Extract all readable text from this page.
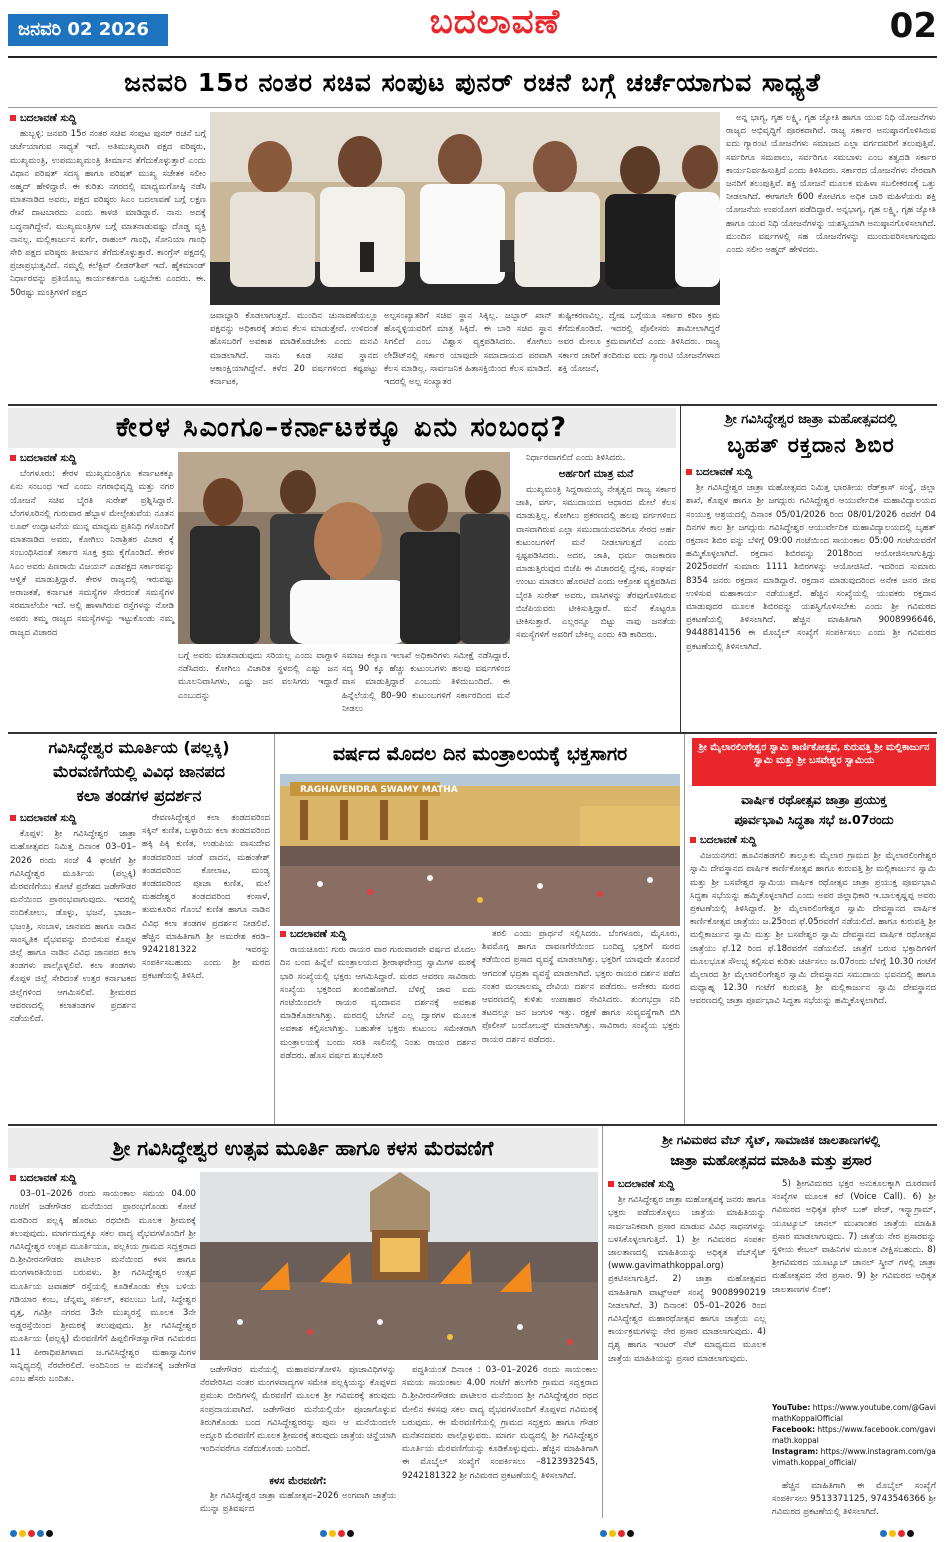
ಜನವರಿ 02 2026	ಬದಲಾವಣೆ	02
ಜನವರಿ 15ರ ನಂತರ ಸಚಿವ ಸಂಪುಟ ಪುನರ್ ರಚನೆ ಬಗ್ಗೆ ಚರ್ಚೆಯಾಗುವ ಸಾಧ್ಯತೆ
ಬದಲಾವಣೆ ಸುದ್ದಿ

ಹುಬ್ಬಳ್ಳಿ: ಜನವರಿ 15ರ ನಂತರ ಸಚಿವ ಸಂಪುಟ ಪುನರ್ ರಚನೆ ಬಗ್ಗೆ ಚರ್ಚೆಯಾಗುವ ಸಾಧ್ಯತೆ ಇದೆ. ಅತಿಮುಖ್ಯವಾಗಿ ಪಕ್ಷದ ವರಿಷ್ಠರು, ಮುಖ್ಯಮಂತ್ರಿ, ಉಪಮುಖ್ಯಮಂತ್ರಿ ತೀರ್ಮಾನ ತೆಗೆದುಕೊಳ್ಳುತ್ತಾರೆ ಎಂದು ವಿಧಾನ ಪರಿಷತ್ ಸದಸ್ಯ ಹಾಗೂ ಪರಿಷತ್ ಮುಖ್ಯ ಸಚೇತಕ ಸಲೀಂ ಅಹ್ಮದ್ ಹೇಳಿದ್ದಾರೆ. ಈ ಕುರಿತು ನಗರದಲ್ಲಿ ಮಾಧ್ಯಮಗೋಷ್ಠಿ ನಡೆಸಿ ಮಾತನಾಡಿದ ಅವರು, ಪಕ್ಷದ ವರಿಷ್ಠರು ಸಿಎಂ ಬದಲಾವಣೆ ಬಗ್ಗೆ ಲಕ್ಷಣ ರೇಖೆ ದಾಟಬಾರದು ಎಂದು ಕಾಳಜಿ ಮಾಡಿದ್ದಾರೆ. ನಾನು ಅದಕ್ಕೆ ಬದ್ಧನಾಗಿದ್ದೇನೆ. ಮುಖ್ಯಮಂತ್ರಿಗಳ ಬಗ್ಗೆ ಮಾತನಾಡುವಷ್ಟು ದೊಡ್ಡ ವ್ಯಕ್ತಿ ನಾನಲ್ಲ. ಮಲ್ಲಿಕಾರ್ಜುನ ಖರ್ಗೆ, ರಾಹುಲ್ ಗಾಂಧಿ, ಸೋನಿಯಾ ಗಾಂಧಿ ಸೇರಿ ಪಕ್ಷದ ವರಿಷ್ಠರು ತೀರ್ಮಾನ ತೆಗೆದುಕೊಳ್ಳುತ್ತಾರೆ. ಕಾಂಗ್ರೆಸ್ ಪಕ್ಷದಲ್ಲಿ ಪ್ರಜಾಪ್ರಭುತ್ವವಿದೆ. ನಮ್ಮಲ್ಲಿ ಕಲೆಕ್ಟಿವ್ ಲೀಡರ್‌ಶಿಪ್ ಇದೆ. ಹೈಕಮಾಂಡ್ ನಿರ್ಧಾರವನ್ನು ಪ್ರತಿಯೊಬ್ಬ ಕಾರ್ಯಕರ್ತರೂ ಒಪ್ಪಬೇಕು ಎಂದರು. ಈ. 50ರಷ್ಟು ಮಂತ್ರಿಗಳಿಗೆ ಪಕ್ಷದ

ಅನ್ನ ಭಾಗ್ಯ, ಗೃಹ ಲಕ್ಷ್ಮಿ, ಗೃಹ ಜ್ಯೋತಿ ಹಾಗೂ ಯುವ ನಿಧಿ ಯೋಜನೆಗಳು ರಾಜ್ಯದ ಅಭಿವೃದ್ಧಿಗೆ ಪೂರಕವಾಗಿವೆ. ರಾಜ್ಯ ಸರ್ಕಾರ ಅನುಷ್ಠಾನಗೊಳಿಸಿರುವ ಐದು ಗ್ಯಾರಂಟಿ ಯೋಜನೆಗಳು ಸಮಾಜದ ಎಲ್ಲಾ ವರ್ಗದವರಿಗೆ ತಲುಪುತ್ತಿವೆ. ಸರ್ವರಿಗೂ ಸಮಪಾಲು, ಸರ್ವರಿಗೂ ಸಮಬಾಳು ಎಂಬ ತತ್ವದಡಿ ಸರ್ಕಾರ ಕಾರ್ಯನಿರ್ವಹಿಸುತ್ತಿದೆ ಎಂದು ತಿಳಿಸಿದರು. ಸರ್ಕಾರದ ಯೋಜನೆಗಳು ನೇರವಾಗಿ ಜನರಿಗೆ ತಲುಪುತ್ತಿವೆ. ಶಕ್ತಿ ಯೋಜನೆ ಮೂಲಕ ಮಹಿಳಾ ಸಬಲೀಕರಣಕ್ಕೆ ಒತ್ತು ನೀಡಲಾಗಿದೆ. ಈಗಾಗಲೇ 600 ಕೋಟಿಗೂ ಅಧಿಕ ಬಾರಿ ಮಹಿಳೆಯರು ಶಕ್ತಿ ಯೋಜನೆಯ ಉಪಯೋಗ ಪಡೆದಿದ್ದಾರೆ. ಅನ್ನಭಾಗ್ಯ, ಗೃಹ ಲಕ್ಷ್ಮಿ, ಗೃಹ ಜ್ಯೋತಿ ಹಾಗೂ ಯುವ ನಿಧಿ ಯೋಜನೆಗಳನ್ನು ಯಶಸ್ವಿಯಾಗಿ ಅನುಷ್ಠಾನಗೊಳಿಸಲಾಗಿದೆ. ಮುಂದಿನ ವರ್ಷಗಳಲ್ಲಿ ಸಹ ಯೋಜನೆಗಳನ್ನು ಮುಂದುವರಿಸಲಾಗುವುದು ಎಂದು ಸಲೀಂ ಅಹ್ಮದ್ ಹೇಳಿದರು.

ಜವಾಬ್ದಾರಿ ಕೊಡಲಾಗುತ್ತದೆ. ಮುಂದಿನ ಚುನಾವಣೆಯಲ್ಲೂ ಪಕ್ಷವನ್ನು ಅಧಿಕಾರಕ್ಕೆ ತರುವ ಕೆಲಸ ಮಾಡುತ್ತೇವೆ. ಉಳಿದಂತೆ ಹೊಸಬರಿಗೆ ಅವಕಾಶ ಮಾಡಿಕೊಡಬೇಕು ಎಂದು ಮನವಿ ಮಾಡಲಾಗಿದೆ. ನಾನು ಕೂಡ ಸಚಿವ ಸ್ಥಾನದ ಆಕಾಂಕ್ಷಿಯಾಗಿದ್ದೇನೆ. ಕಳೆದ 20 ವರ್ಷಗಳಿಂದ ಕಷ್ಟಪಟ್ಟು ಕರ್ನಾಟಕ,
ಅಲ್ಪಸಂಖ್ಯಾತರಿಗೆ ಸಚಿವ ಸ್ಥಾನ ಸಿಕ್ಕಿಲ್ಲ. ಜಬ್ಬಾರ್ ಖಾನ್ ಹೊನ್ನಳ್ಳಿಯವರಿಗೆ ಮಾತ್ರ ಸಿಕ್ಕಿದೆ. ಈ ಬಾರಿ ಸಚಿವ ಸ್ಥಾನ ಸಿಗಲಿದೆ ಎಂಬ ವಿಶ್ವಾಸ ವ್ಯಕ್ತಪಡಿಸಿದರು. ಕೋಗಿಲು ಲೇಔಟ್‌ನಲ್ಲಿ ಸರ್ಕಾರ ಯಾವುದೇ ಸಮಾದಾಯದ ಪರವಾಗಿ ಕೆಲಸ ಮಾಡಿಲ್ಲ. ಸಾರ್ವಜನಿಕ ಹಿತಾಸಕ್ತಿಯಿಂದ ಕೆಲಸ ಮಾಡಿದೆ. ಇದರಲ್ಲಿ ಅಲ್ಪ ಸಂಖ್ಯಾತರ
ತುಷ್ಟೀಕರಣವಿಲ್ಲ. ದ್ವೇಷ ಬಗ್ಗೆಯೂ ಸರ್ಕಾರ ಕಠಿಣ ಕ್ರಮ ಕೆಗೆದುಕೊಂಡಿದೆ. ಇದರಲ್ಲಿ ಪೊಲೀಸರು ಶಾಮೀಲಾಗಿದ್ದರೆ ಅವರ ಮೇಲೂ ಕ್ರಮವಾಗಲಿದೆ ಎಂದು ತಿಳಿಸಿದರು. ರಾಜ್ಯ ಸರ್ಕಾರ ಜಾರಿಗೆ ತಂದಿರುವ ಐದು ಗ್ಯಾರಂಟಿ ಯೋಜನೆಗಳಾದ ಶಕ್ತಿ ಯೋಜನೆ,
ಕೇರಳ ಸಿಎಂಗೂ–ಕರ್ನಾಟಕಕ್ಕೂ ಏನು ಸಂಬಂಧ?
ಬದಲಾವಣೆ ಸುದ್ದಿ

ಬೆಂಗಳೂರು: ಕೇರಳ ಮುಖ್ಯಮಂತ್ರಿಗೂ ಕರ್ನಾಟಕಕ್ಕೂ ಏನು ಸಂಬಂಧ ಇದೆ ಎಂದು ನಗರಾಭಿವೃದ್ಧಿ ಮತ್ತು ನಗರ ಯೋಜನೆ ಸಚಿವ ಬೈರತಿ ಸುರೇಶ್ ಪ್ರಶ್ನಿಸಿದ್ದಾರೆ. ಬೆಂಗಳೂರಿನಲ್ಲಿ ಗುರುವಾರ ಹೆಬ್ಬಾಳ ಮೇಲ್ಸೇತುವೆಯ ನೂತನ ಲೂಪ್ ಉದ್ಘಾಟನೆಯ ಮುನ್ನ ಮಾಧ್ಯಮ ಪ್ರತಿನಿಧಿ ಗಳೊಂದಿಗೆ ಮಾತನಾಡಿದ ಅವರು, ಕೋಗಿಲು ನಿರಾಶ್ರಿತರ ವಿಚಾರ ಕ್ಕೆ ಸಂಬಂಧಿಸಿದಂತೆ ಸರ್ಕಾರ ಸೂಕ್ತ ಕ್ರಮ ಕೈಗೊಂಡಿದೆ. ಕೇರಳ ಸಿಎಂ ಅವರು ಪಿಣರಾಯಿ ವಿಜಯನ್ ಎಡಪಕ್ಷದ ಸರ್ಕಾರವನ್ನು ಆಳ್ವಿಕೆ ಮಾಡುತ್ತಿದ್ದಾರೆ. ಕೇರಳ ರಾಜ್ಯದಲ್ಲಿ ಇರುವಷ್ಟು ಅರಾಜಕತೆ, ಕರ್ನಾಟಕ ಸಮಸ್ಯೆಗಳ ಸೇರದಂತೆ ಸಮಸ್ಯೆಗಳ ಸರಮಾಲೆಯೇ ಇದೆ. ಅಲ್ಲಿ ಹಾಳಾಗಿರುವ ರಸ್ತೆಗಳನ್ನು ನೋಡಿ ಅವರು ತಮ್ಮ ರಾಜ್ಯದ ಸಮಸ್ಯೆಗಳನ್ನು ಇಟ್ಟುಕೊಂಡು ನಮ್ಮ ರಾಜ್ಯದ ವಿಚಾರದ

ನಿರ್ಧಾರವಾಗಲಿದೆ ಎಂದು ತಿಳಿಸಿದರು.

ಅರ್ಹರಿಗೆ ಮಾತ್ರ ಮನೆ

ಮುಖ್ಯಮಂತ್ರಿ ಸಿದ್ದರಾಮಯ್ಯ ನೇತೃತ್ವದ ರಾಜ್ಯ ಸರ್ಕಾರ ಜಾತಿ, ವರ್ಗ, ಸಮುದಾಯದ ಆಧಾರದ ಮೇಲೆ ಕೆಲಸ ಮಾಡುತ್ತಿಲ್ಲ. ಕೋಗಿಲು ಪ್ರಕರಣದಲ್ಲಿ ಹಲವು ವರ್ಗಗಳಿಂದ ವಾಸವಾಗಿರುವ ಎಲ್ಲಾ ಸಮುದಾಯದವರಿಗೂ ಸೇರದ ಅರ್ಹ ಕುಟುಂಬಗಳಿಗೆ ಮನೆ ನೀಡಲಾಗುತ್ತದೆ ಎಂದು ಸ್ಪಷ್ಟಪಡಿಸಿದರು. ಅದರ, ಜಾತಿ, ಧರ್ಮ ರಾಜಕಾರಣ ಮಾಡುತ್ತಿರುವುದ ಬಿಜೆಪಿ ಈ ವಿಚಾರದಲ್ಲಿ ದ್ವೇಷ, ಸಂಘರ್ಷ ಉಂಟು ಮಾಡಲು ಹೊರಟಿದೆ ಎಂದು ಆಕ್ರೋಶ ವ್ಯಕ್ತಪಡಿಸಿದ ಬೈರತಿ ಸುರೇಶ್ ಅವರು, ವಾಸಿಗಳನ್ನು ತೆರವುಗೊಳಿಸಿರುವ ಬಿಜೆಪಿಯವರು ಟೀಕಿಸುತ್ತಿದ್ದಾರೆ. ಮನೆ ಕೊಟ್ಟರೂ ಟೀಕಿಸುತ್ತಾರೆ. ಎಲ್ಲರನ್ನೂ ಬಿಟ್ಟು ನಾವು ಜನತೆಯ ಸಮಸ್ಯೆಗಳಿಗೆ ಅವರಿಗೆ ಬೇಕಿಲ್ಲ ಎಂದು ಕಿಡಿ ಕಾರಿದರು.

ಬಗ್ಗೆ ಅವರು ಮಾತನಾಡುವುದು ಸರಿಯಲ್ಲ ಎಂದು ವಾಗ್ದಾಳಿ ನಡೆಸಿದರು. ಕೋಗಿಲು ವಿಚಾರಿತ ಸ್ಥಳದಲ್ಲಿ ಎಷ್ಟು ಜನ ಮೂಲನಿವಾಸಿಗಳು, ಎಷ್ಟು ಜನ ವಲಸಿಗರು ಇದ್ದಾರೆ ಎಂಬುದನ್ನು
ಸಮಾಜ ಕಲ್ಯಾಣ ಇಲಾಖೆ ಅಧಿಕಾರಿಗಳು ಸಮೀಕ್ಷೆ ನಡೆಸಿದ್ದಾರೆ. ಸದ್ಯ 90 ಕ್ಕೂ ಹೆಚ್ಚು ಕುಟುಂಬಗಳು ಹಲವು ವರ್ಷಗಳಿಂದ ವಾಸ ಮಾಡುತ್ತಿದ್ದಾರೆ ಎಂಬುದು ತಿಳಿದುಬಂದಿದೆ. ಈ ಹಿನ್ನೆಲೆಯಲ್ಲಿ 80–90 ಕುಟುಂಬಗಳಿಗೆ ಸರ್ಕಾರದಿಂದ ಮನೆ ನೀಡಲು
ಶ್ರೀ ಗವಿಸಿದ್ಧೇಶ್ವರ ಜಾತ್ರಾ ಮಹೋತ್ಸವದಲ್ಲಿ
ಬೃಹತ್ ರಕ್ತದಾನ ಶಿಬಿರ
ಬದಲಾವಣೆ ಸುದ್ದಿ

ಶ್ರೀ ಗವಿಸಿದ್ಧೇಶ್ವರ ಜಾತ್ರಾ ಮಹೋತ್ಸವದ ನಿಮಿತ್ತ ಭಾರತೀಯ ರೆಡ್‌ಕ್ರಾಸ್ ಸಂಸ್ಥೆ, ಜಿಲ್ಲಾ ಶಾಖೆ, ಕೊಪ್ಪಳ ಹಾಗೂ ಶ್ರೀ ಜಗದ್ಗುರು ಗವಿಸಿದ್ಧೇಶ್ವರ ಆಯುರ್ವೇದಿಕ ಮಹಾವಿದ್ಯಾಲಯದ ಸಂಯುಕ್ತ ಆಶ್ರಯದಲ್ಲಿ ದಿನಾಂಕ 05/01/2026 ರಿಂದ 08/01/2026 ರವರೆಗೆ 04 ದಿನಗಳ ಕಾಲ ಶ್ರೀ ಜಗದ್ಗುರು ಗವಿಸಿದ್ಧೇಶ್ವರ ಆಯುರ್ವೇದಿಕ ಮಹಾವಿದ್ಯಾಲಯದಲ್ಲಿ ಬೃಹತ್ ರಕ್ತದಾನ ಶಿಬಿರ ವನ್ನು ಬೆಳಿಗ್ಗೆ 09:00 ಗಂಟೆಯಿಂದ ಸಾಯಂಕಾಲ 05:00 ಗಂಟೆಯವರೆಗೆ ಹಮ್ಮಿಕೊಳ್ಳಲಾಗಿದೆ. ರಕ್ತದಾನ ಶಿಬಿರವನ್ನು 2018ರಿಂದ ಆಯೋಜಿಸಲಾಗುತ್ತಿದ್ದು 2025ರವರೆಗೆ ಸುಮಾರು 1111 ಶಿಬಿರಗಳನ್ನು ಆಯೋಜಿಸಿದೆ. ಇದರಿಂದ ಸುಮಾರು 8354 ಜನರು ರಕ್ತದಾನ ಮಾಡಿದ್ದಾರೆ. ರಕ್ತದಾನ ಮಾಡುವುದರಿಂದ ಅನೇಕ ಜನರ ಜೀವ ಉಳಿಸುವ ಮಹಾಕಾರ್ಯ ನಡೆಯುತ್ತದೆ. ಹೆಚ್ಚಿನ ಸಂಖ್ಯೆಯಲ್ಲಿ ಯುವಕರು ರಕ್ತದಾನ ಮಾಡುವುದರ ಮೂಲಕ ಶಿಬಿರವನ್ನು ಯಶಸ್ವಿಗೊಳಿಸಬೇಕು ಎಂದು ಶ್ರೀ ಗವಿಮಠದ ಪ್ರಕಟಣೆಯಲ್ಲಿ ತಿಳಿಸಲಾಗಿದೆ. ಹೆಚ್ಚಿನ ಮಾಹಿತಿಗಾಗಿ 9008996646, 9448814156 ಈ ಮೊಬೈಲ್ ಸಂಖ್ಯೆಗೆ ಸಂಪರ್ಕಿಸಲು ಎಂದು ಶ್ರೀ ಗವಿಮಠದ ಪ್ರಕಟಣೆಯಲ್ಲಿ ತಿಳಿಸಲಾಗಿದೆ.

ಗವಿಸಿದ್ಧೇಶ್ವರ ಮೂರ್ತಿಯ (ಪಲ್ಲಕ್ಕಿ)
ಮೆರವಣಿಗೆಯಲ್ಲಿ ವಿವಿಧ ಜಾನಪದ
ಕಲಾ ತಂಡಗಳ ಪ್ರದರ್ಶನ
ಬದಲಾವಣೆ ಸುದ್ದಿ

ಕೊಪ್ಪಳ: ಶ್ರೀ ಗವಿಸಿದ್ಧೇಶ್ವರ ಜಾತ್ರಾ ಮಹೋತ್ಸವದ ನಿಮಿತ್ತ ದಿನಾಂಕ 03–01–2026 ರಂದು ಸಂಜೆ 4 ಘಂಟೆಗೆ ಶ್ರೀ ಗವಿಸಿದ್ಧೇಶ್ವರ ಮೂರ್ತಿಯ (ಪಲ್ಲಕ್ಕಿ) ಮೆರವಣಿಗೆಯು ಕೋಟೆ ಪ್ರದೇಶದ ಜಡೇಗೌಡರ ಮನೆಯಿಂದ ಪ್ರಾರಂಭವಾಗುವುದು. ಇದರಲ್ಲಿ ನಂದಿಕೋಲು, ಡೊಳ್ಳು, ಭಜನೆ, ಭಾಜಾ–ಭಜಂತ್ರಿ, ಸಂಬಾಳ, ಜಾನಪದ ಹಾಗೂ ನಾಡಿನ ಸಾಂಸ್ಕೃತಿಕ ವೈಭವವನ್ನು ಬಿಂಬಿಸುವ ಕೊಪ್ಪಳ ಜಿಲ್ಲೆ ಹಾಗೂ ನಾಡಿನ ವಿವಿಧ ಜಾನಪದ ಕಲಾ ತಂಡಗಳು ಪಾಲ್ಗೊಳ್ಳಲಿವೆ. ಕಲಾ ತಂಡಗಳು ಕೊಪ್ಪಳ ಜಿಲ್ಲೆ ಸೇರಿದಂತೆ ಉತ್ತರ ಕರ್ನಾಟಕದ ಜಿಲ್ಲೆಗಳಿಂದ ಆಗಮಿಸಲಿವೆ. ಶ್ರೀಮಠದ ಆವರಣದಲ್ಲಿ ಕಲಾತಂಡಗಳ ಪ್ರದರ್ಶನ ನಡೆಯಲಿದೆ.

ರೇವಣಸಿದ್ಧೇಶ್ವರ ಕಲಾ ತಂಡದವರಿಂದ ಸಕ್ಕಿನ್ ಕುಣಿತ, ಬಳ್ಳಾರಿಯ ಕಲಾ ತಂಡದವರಿಂದ ಹಕ್ಕಿ ಪಿಕ್ಕಿ ಕುಣಿತ, ಉಡುಪಿಯ ವಾಸುದೇವ ತಂಡದವರಿಂದ ಚಂಡೆ ವಾದನ, ಮಹಂತೇಶ್ ತಂಡದವರಿಂದ ಕೋಲಾಟ, ಮಂಡ್ಯ ತಂಡದವರಿಂದ ಪೂಜಾ ಕುಣಿತ, ಮಲೆ ಮಹದೇಶ್ವರ ತಂಡದವರಿಂದ ಕಂಸಾಳೆ, ತುಮಕೂರಿನ ಗೊಂಬೆ ಕುಣಿತ ಹಾಗೂ ನಾಡಿನ ವಿವಿಧ ಕಲಾ ತಂಡಗಳ ಪ್ರದರ್ಶನ ನೀಡಲಿವೆ. ಹೆಚ್ಚಿನ ಮಾಹಿತಿಗಾಗಿ ಶ್ರೀ ಅಮರೇಶ ಕರಡಿ–9242181322 ಇವರನ್ನು ಸಂಪರ್ಕಿಸಬಹುದು ಎಂದು ಶ್ರೀ ಮಠದ ಪ್ರಕಟಣೆಯಲ್ಲಿ ತಿಳಿಸಿದೆ.

ವರ್ಷದ ಮೊದಲ ದಿನ ಮಂತ್ರಾಲಯಕ್ಕೆ ಭಕ್ತಸಾಗರ
RAGHAVENDRA SWAMY MATHA
ಬದಲಾವಣೆ ಸುದ್ದಿ

ರಾಯಚೂರು: ಗುರು ರಾಯರ ವಾರ ಗುರುವಾರವೇ ವರ್ಷದ ಮೊದಲ ದಿನ ಬಂದ ಹಿನ್ನೆಲೆ ಮಂತ್ರಾಲಯದ ಶ್ರೀರಾಘವೇಂದ್ರ ಸ್ವಾಮಿಗಳ ಮಠಕ್ಕೆ ಭಾರಿ ಸಂಖ್ಯೆಯಲ್ಲಿ ಭಕ್ತರು ಆಗಮಿಸಿದ್ದಾರೆ. ಮಠದ ಆವರಣ ಸಾವಿರಾರು ಸಂಖ್ಯೆಯ ಭಕ್ತರಿಂದ ತುಂಬಿಹೋಗಿದೆ. ಬೆಳಿಗ್ಗೆ ಜಾವ ಐದು ಗಂಟೆಯಿಂದಲೇ ರಾಯರ ವೃಂದಾವನ ದರ್ಶನಕ್ಕೆ ಅವಕಾಶ ಮಾಡಿಕೊಡಲಾಗಿತ್ತು. ಮಠದಲ್ಲಿ ಬೇಗನೆ ಎಲ್ಲ ದ್ವಾರಗಳ ಮೂಲಕ ಅವಕಾಶ ಕಲ್ಪಿಸಲಾಗಿತ್ತು. ಬಹುತೇಕ ಭಕ್ತರು ಕುಟುಂಬ ಸಮೇತರಾಗಿ ಮಂತ್ರಾಲಯಕ್ಕೆ ಬಂದು ಸರತಿ ಸಾಲಿನಲ್ಲಿ ನಿಂತು ರಾಯರ ದರ್ಶನ ಪಡೆದರು. ಹೊಸ ವರ್ಷದ ಶುಭಕೋರಿ

ತರಲಿ ಎಂದು ಪ್ರಾರ್ಥನೆ ಸಲ್ಲಿಸಿದರು. ಬೆಂಗಳೂರು, ಮೈಸೂರು, ಶಿವಮೊಗ್ಗ ಹಾಗೂ ದಾವಣಗೆರೆಯಿಂದ ಬಂದಿದ್ದ ಭಕ್ತರಿಗೆ ಮಠದ ಕಡೆಯಿಂದ ಪ್ರಸಾದ ವ್ಯವಸ್ಥೆ ಮಾಡಲಾಗಿತ್ತು. ಭಕ್ತರಿಗೆ ಯಾವುದೇ ತೊಂದರೆ ಆಗದಂತೆ ಭದ್ರತಾ ವ್ಯವಸ್ಥೆ ಮಾಡಲಾಗಿದೆ. ಭಕ್ತರು ರಾಯರ ದರ್ಶನ ಪಡೆದ ನಂತರ ಮಂಚಾಲಮ್ಮ ದೇವಿಯ ದರ್ಶನ ಪಡೆದರು. ಅನೇಕರು ಮಠದ ಆವರಣದಲ್ಲಿ ಕುಳಿತು ಉಪಾಹಾರ ಸೇವಿಸಿದರು. ತುಂಗಭದ್ರಾ ನದಿ ತಟದಲ್ಲೂ ಜನ ಜಂಗುಳಿ ಇತ್ತು. ರಕ್ಷಣೆ ಹಾಗೂ ಸುವ್ಯವಸ್ಥೆಗಾಗಿ ಬಿಗಿ ಪೊಲೀಸ್ ಬಂದೋಬಸ್ತ್ ಮಾಡಲಾಗಿತ್ತು. ಸಾವಿರಾರು ಸಂಖ್ಯೆಯ ಭಕ್ತರು ರಾಯರ ದರ್ಶನ ಪಡೆದರು.

ಶ್ರೀ ಮೈಲಾರಲಿಂಗೇಶ್ವರ ಸ್ವಾಮಿ ಕಾರ್ಣಿಕೋತ್ಸವ, ಕುರುವತ್ತಿ ಶ್ರೀ ಮಲ್ಲಿಕಾರ್ಜುನ ಸ್ವಾಮಿ ಮತ್ತು ಶ್ರೀ ಬಸವೇಶ್ವರ ಸ್ವಾಮಿಯ
ವಾರ್ಷಿಕ ರಥೋತ್ಸವ ಜಾತ್ರಾ ಪ್ರಯುಕ್ತ
ಪೂರ್ವಭಾವಿ ಸಿದ್ಧತಾ ಸಭೆ ಜ.07ರಂದು
ಬದಲಾವಣೆ ಸುದ್ದಿ

ವಿಜಯನಗರ: ಹೂವಿನಹಡಗಲಿ ತಾಲ್ಲೂಕು ಮೈಲಾರ ಗ್ರಾಮದ ಶ್ರೀ ಮೈಲಾರಲಿಂಗೇಶ್ವರ ಸ್ವಾಮಿ ದೇವಸ್ಥಾನದ ವಾರ್ಷಿಕ ಕಾರ್ಣಿಕೋತ್ಸವ ಹಾಗೂ ಕುರುವತ್ತಿ ಶ್ರೀ ಮಲ್ಲಿಕಾರ್ಜುನ ಸ್ವಾಮಿ ಮತ್ತು ಶ್ರೀ ಬಸವೇಶ್ವರ ಸ್ವಾಮಿಯ ವಾರ್ಷಿಕ ರಥೋತ್ಸವ ಜಾತ್ರಾ ಪ್ರಯುಕ್ತ ಪೂರ್ವಭಾವಿ ಸಿದ್ಧತಾ ಸಭೆಯನ್ನು ಹಮ್ಮಿಕೊಳ್ಳಲಾಗಿದೆ ಎಂದು ಅಪರ ಜಿಲ್ಲಾಧಿಕಾರಿ ಇ.ಬಾಲಕೃಷ್ಣಪ್ಪ ಅವರು ಪ್ರಕಟಣೆಯಲ್ಲಿ ತಿಳಿಸಿದ್ದಾರೆ. ಶ್ರೀ ಮೈಲಾರಲಿಂಗೇಶ್ವರ ಸ್ವಾಮಿ ದೇವಸ್ಥಾನದ ವಾರ್ಷಿಕ ಕಾರ್ಣಿಕೋತ್ಸವ ಜಾತ್ರೆಯು ಜ.25ರಿಂದ ಫೆ.05ರವರೆಗೆ ನಡೆಯಲಿದೆ. ಹಾಗೂ ಕುರುವತ್ತಿ ಶ್ರೀ ಮಲ್ಲಿಕಾರ್ಜುನ ಸ್ವಾಮಿ ಮತ್ತು ಶ್ರೀ ಬಸವೇಶ್ವರ ಸ್ವಾಮಿ ದೇವಸ್ಥಾನದ ವಾರ್ಷಿಕ ರಥೋತ್ಸವ ಜಾತ್ರೆಯು ಫೆ.12 ರಿಂದ ಫೆ.18ರವರೆಗೆ ನಡೆಯಲಿದೆ. ಜಾತ್ರೆಗೆ ಬರುವ ಭಕ್ತಾದಿಗಳಿಗೆ ಮೂಲಭೂತ ಸೌಲಭ್ಯ ಕಲ್ಪಿಸುವ ಕುರಿತು ಚರ್ಚಿಸಲು ಜ.07ರಂದು ಬೆಳಿಗ್ಗೆ 10.30 ಗಂಟೆಗೆ ಮೈಲಾರದ ಶ್ರೀ ಮೈಲಾರಲಿಂಗೇಶ್ವರ ಸ್ವಾಮಿ ದೇವಸ್ಥಾನದ ಸಮುದಾಯ ಭವನದಲ್ಲಿ ಹಾಗೂ ಮಧ್ಯಾಹ್ನ 12.30 ಗಂಟೆಗೆ ಕುರುವತ್ತಿ ಶ್ರೀ ಮಲ್ಲಿಕಾರ್ಜುನ ಸ್ವಾಮಿ ದೇವಸ್ಥಾನದ ಆವರಣದಲ್ಲಿ ಜಾತ್ರಾ ಪೂರ್ವಭಾವಿ ಸಿದ್ಧತಾ ಸಭೆಯನ್ನು ಹಮ್ಮಿಕೊಳ್ಳಲಾಗಿದೆ.

ಶ್ರೀ ಗವಿಸಿದ್ಧೇಶ್ವರ ಉತ್ಸವ ಮೂರ್ತಿ ಹಾಗೂ ಕಳಸ ಮೆರವಣಿಗೆ
ಬದಲಾವಣೆ ಸುದ್ದಿ

03–01–2026 ರಂದು ಸಾಯಂಕಾಲ ಸಮಯ 04.00 ಗಂಟೆಗೆ ಜಡೇಗೌಡರ ಮನೆಯಿಂದ ಪ್ರಾರಂಭಗೊಂಡು ಕೋಟೆ ಮಠದಿಂದ ಪಲ್ಲಕ್ಕಿ ಹೊರಟು ರಥಬೀದಿ ಮೂಲಕ ಶ್ರೀಮಠಕ್ಕೆ ತಲುಪುವುದು. ಮಾರ್ಗದುದ್ದಕ್ಕೂ ಸಕಲ ವಾದ್ಯ ವೈಭವಗಳೊಂದಿಗೆ ಶ್ರೀ ಗವಿಸಿದ್ಧೇಶ್ವರ ಉತ್ಸವ ಮೂರ್ತಿಯೂ, ಪಲ್ಲಕಿಯ ಗ್ರಾಮದ ಸದ್ಭಕ್ತರಾದ ದಿ.ಶ್ರೀವೀರನಗೌಡರು ಪಾಟೀಲರ ಮನೆಯಿಂದ ಕಳಸ ಹಾಗೂ ಮಂಗಳಾರತಿಯಿಂದ ಬರುವಳು. ಶ್ರೀ ಗವಿಸಿದ್ಧೇಶ್ವರ ಉತ್ಸವ ಮೂರ್ತಿಯ ಜವಾಹರ್ ರಸ್ತೆಯಲ್ಲಿ ಕೂಡಿಕೊಂಡು ಕೆಲ್ಲಾ ಬಳಿಯ ಗಡಿಯಾರ ಕಂಬ, ಚೆನ್ನಮ್ಮ ಸರ್ಕಲ್, ಕವಲುಬು ಓಣಿ, ಸಿದ್ಧೇಶ್ವರ ವೃತ್ತ, ಗವಿಶ್ರೀ ನಗರದ 3ನೇ ಮುಖ್ಯರಸ್ತೆ ಮೂಲಕ 3ನೇ ಅಡ್ಡರಸ್ತೆಯಿಂದ ಶ್ರೀಮಠಕ್ಕೆ ತಲುಪುವುದು. ಶ್ರೀ ಗವಿಸಿದ್ಧೇಶ್ವರ ಮೂರ್ತಿಯ (ಪಲ್ಲಕ್ಕಿ) ಮೆರವಣಿಗೆಗೆ ಹಿಪ್ಪಲಿಗೌಡಸ್ನಾಗೌಡ ಗವಿಮಠದ 11 ಪೀಠಾಧಿಪತಿಗಳಾದ ಜ.ಗವಿಸಿದ್ಧೇಶ್ವರ ಮಹಾಸ್ವಾಮಿಗಳ ಸಾನ್ನಿಧ್ಯದಲ್ಲಿ ನೆರವೇರಲಿದೆ. ಅಂದಿನಿಂದ ಆ ಮನೆತನಕ್ಕೆ ಜಡೇಗೌಡ ಎಂಬ ಹೆಸರು ಬಂದಿತು.

ಜಡೇಗೌಡರ ಮನೆಯಲ್ಲಿ ಮಹಾಪರ್ವತೋಳಿಸಿ ಪೂಜಾವಿಧಿಗಳನ್ನು ನೆರವೇರಿಸಿದ ನಂತರ ಮಂಗಳವಾದ್ಯಗಳ ಸಮೇತ ಪಲ್ಲಕ್ಕಿಯನ್ನು ಕೊಪ್ಪಳದ ಪ್ರಮುಖ ಬೀದಿಗಳಲ್ಲಿ ಮೆರವಣಿಗೆ ಮೂಲಕ ಶ್ರೀ ಗವಿಮಠಕ್ಕೆ ತರುವುದು ಸಂಪ್ರದಾಯವಾಗಿದೆ. ಜಡೇಗೌಡರ ಮನೆಯಲ್ಲಿಯೇ ಪೂಜಾಗೊಳ್ಳುವ ತಿರುಗಿಕೊಂಡು ಬಂದ ಗವಿಸಿದ್ಧೇಶ್ವರರನ್ನು ಪುನಃ ಆ ಮನೆಯಿಂದಲೇ ಅದ್ದೂರಿ ಮೆರವಣಿಗೆ ಮೂಲಕ ಶ್ರೀಮಠಕ್ಕೆ ತರುವುದು ಜಾತ್ರೆಯ ಚಿನ್ಹೆಯಾಗಿ ಇಂದಿನವರೆಗೂ ನಡೆದುಕೊಂಡು ಬಂದಿದೆ.

ಕಳಸ ಮೆರವಣಿಗೆ:

ಶ್ರೀ ಗವಿಸಿದ್ಧೇಶ್ವರ ಜಾತ್ರಾ ಮಹೋತ್ಸವ–2026 ಅಂಗವಾಗಿ ಜಾತ್ರೆಯ ಮುನ್ನಾ ಪ್ರತಿವರ್ಷದ

ಪದ್ಧತಿಯಂತೆ ದಿನಾಂಕ : 03–01–2026 ರಂದು ಸಾಯಂಕಾಲ ಸಮಯ ಸಾಯಂಕಾಲ 4.00 ಗಂಟೆಗೆ ಹಲಗೇರಿ ಗ್ರಾಮದ ಸದ್ಭಕ್ತರಾದ ದಿ.ಶ್ರೀವೀರನಗೌಡರು ಪಾಟೀಲರ ಮನೆಯಿಂದ ಶ್ರೀ ಗವಿಸಿದ್ಧೇಶ್ವರರ ರಥದ ಮೇಲಿನ ಕಳಸವು ಸಕಲ ವಾದ್ಯ ವೈಭವಗಳೊಂದಿಗೆ ಕೊಪ್ಪಳದ ಗವಿಮಠಕ್ಕೆ ಬರುವುದು. ಈ ಮೆರವಣಿಗೆಯಲ್ಲಿ ಗ್ರಾಮದ ಸದ್ಭಕ್ತರು ಹಾಗೂ ಗೌಡರ ಮನೆತನದವರು ಪಾಲ್ಗೊಳ್ಳುವರು. ಮಾರ್ಗ ಮಧ್ಯದಲ್ಲಿ ಶ್ರೀ ಗವಿಸಿದ್ಧೇಶ್ವರ ಮೂರ್ತಿಯ ಮೆರವಣಿಗೆಯನ್ನು ಕೂಡಿಕೊಳ್ಳುವುದು. ಹೆಚ್ಚಿನ ಮಾಹಿತಿಗಾಗಿ ಈ ಮೊಬೈಲ್ ಸಂಖ್ಯೆಗೆ ಸಂಪರ್ಕಿಸಲು –8123932545, 9242181322 ಶ್ರೀ ಗವಿಮಠದ ಪ್ರಕಟಣೆಯಲ್ಲಿ ತಿಳಿಸಲಾಗಿದೆ.

ಶ್ರೀ ಗವಿಮಠದ ವೆಬ್ ಸೈಟ್, ಸಾಮಾಜಿಕ ಜಾಲತಾಣಗಳಲ್ಲಿ
ಜಾತ್ರಾ ಮಹೋತ್ಸವದ ಮಾಹಿತಿ ಮತ್ತು ಪ್ರಸಾರ
ಬದಲಾವಣೆ ಸುದ್ದಿ

ಶ್ರೀ ಗವಿಸಿದ್ಧೇಶ್ವರ ಜಾತ್ರಾ ಮಹೋತ್ಸವಕ್ಕೆ ಜನರು ಹಾಗೂ ಭಕ್ತರು ಪಡೆದುಕೊಳ್ಳಲು ಜಾತ್ರೆಯ ಮಾಹಿತಿಯನ್ನು ಸಾರ್ವಜನಿಕವಾಗಿ ಪ್ರಸಾರ ಮಾಡುವ ವಿವಿಧ ಸಾಧನಗಳನ್ನು ಬಳಸಿಕೊಳ್ಳಲಾಗುತ್ತಿದೆ. 1) ಶ್ರೀ ಗವಿಮಠದ ಸಂಪರ್ಕ ಜಾಲತಾಣದಲ್ಲಿ ಮಾಹಿತಿಯನ್ನು ಅಧಿಕೃತ ವೆಬ್‌ಸೈಟ್ (www.gavimathkoppal.org) ಪ್ರಕಟಿಸಲಾಗುತ್ತಿದೆ. 2) ಜಾತ್ರಾ ಮಹೋತ್ಸವದ ಮಾಹಿತಿಗಾಗಿ ವಾಟ್ಸ್ಆಪ್ ಸಂಖ್ಯೆ 9008990219 ನೀಡಲಾಗಿದೆ. 3) ದಿನಾಂಕ: 05–01–2026 ರಿಂದ ಗವಿಸಿದ್ಧೇಶ್ವರ ಮಹಾರಥೋತ್ಸವ ಹಾಗೂ ಜಾತ್ರೆಯ ಎಲ್ಲ ಕಾರ್ಯಕ್ರಮಗಳನ್ನು ನೇರ ಪ್ರಸಾರ ಮಾಡಲಾಗುವುದು. 4) ದೃಶ್ಯ ಹಾಗೂ ಇಂಟರ್ ನೆಟ್ ಮಾಧ್ಯಮದ ಮೂಲಕ ಜಾತ್ರೆಯ ಮಾಹಿತಿಯನ್ನು ಪ್ರಸಾರ ಮಾಡಲಾಗುವುದು.

5) ಶ್ರೀಗವಿಮಠದ ಭಕ್ತರ ಅನುಕೂಲಕ್ಕಾಗಿ ದೂರವಾಣಿ ಸಂಖ್ಯೆಗಳ ಮೂಲಕ ಕರೆ (Voice Call). 6) ಶ್ರೀ ಗವಿಮಠದ ಅಧಿಕೃತ ಫೇಸ್ ಬುಕ್ ಪೇಜ್, ಇನ್ಸ್ಟಾಗ್ರಾಮ್, ಯೂಟ್ಯೂಬ್ ಚಾನಲ್ ಮುಖಾಂತರ ಜಾತ್ರೆಯ ಮಾಹಿತಿ ಪ್ರಸಾರ ಮಾಡಲಾಗುವುದು. 7) ಜಾತ್ರೆಯ ನೇರ ಪ್ರಸಾರವನ್ನು ಸ್ಥಳೀಯ ಕೇಬಲ್ ವಾಹಿನಿಗಳ ಮೂಲಕ ವೀಕ್ಷಿಸಬಹುದು. 8) ಶ್ರೀಗವಿಮಠದ ಯೂಟ್ಯೂಬ್ ಚಾನಲ್ ಸ್ಕ್ರೀನ್ ಗಳಲ್ಲಿ ಜಾತ್ರಾ ಮಹೋತ್ಸವದ ನೇರ ಪ್ರಸಾರ. 9) ಶ್ರೀ ಗವಿಮಠದ ಅಧಿಕೃತ ಜಾಲತಾಣಗಳ ಲಿಂಕ್:

YouTube: https://www.youtube.com/@GavimathKoppalOfficial
Facebook: https://www.facebook.com/gavimath.koppal
Instagram: https://www.instagram.com/gavimath.koppal_official/

ಹೆಚ್ಚಿನ ಮಾಹಿತಿಗಾಗಿ ಈ ಮೊಬೈಲ್ ಸಂಖ್ಯೆಗೆ ಸಂಪರ್ಕಿಸಲು 9513371125, 9743546366 ಶ್ರೀ ಗವಿಮಠದ ಪ್ರಕಟಣೆಯಲ್ಲಿ ತಿಳಿಸಲಾಗಿದೆ.
